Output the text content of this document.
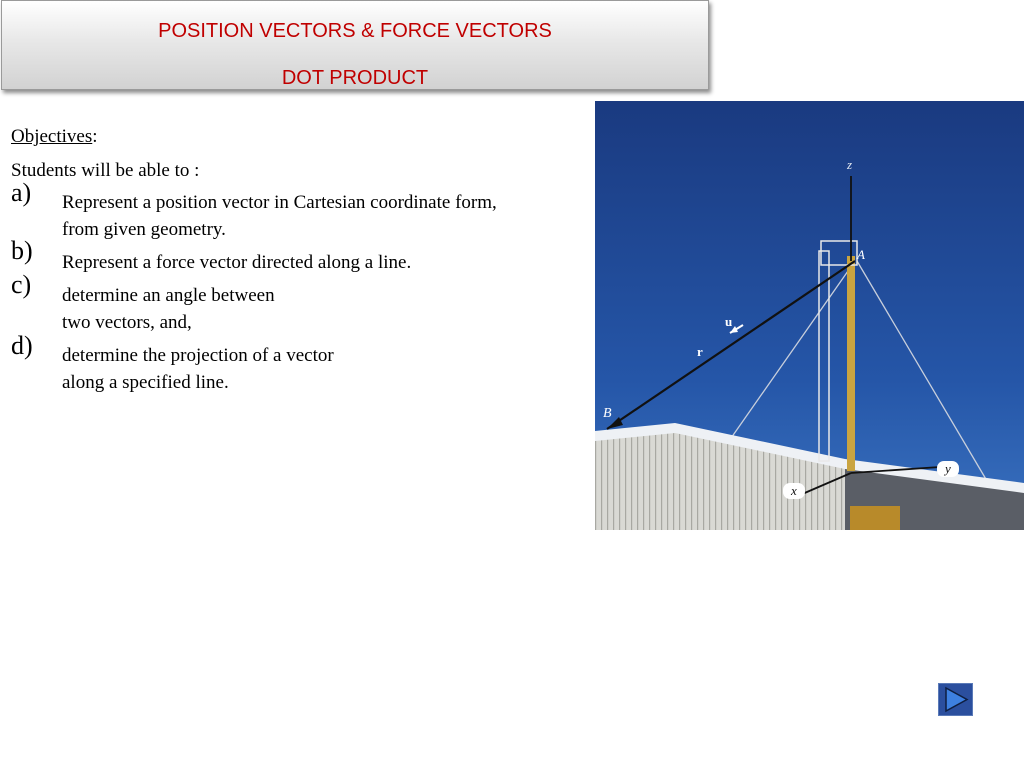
POSITION VECTORS & FORCE VECTORS
DOT PRODUCT
Objectives:
Students will be able to :
a) Represent a position vector in Cartesian coordinate form,
from given geometry.
b) Represent a force vector directed along a line.
c) determine an angle between
two vectors, and,
d) determine the projection of a vector
along a specified line.
z
A
u
r
B
y
x
